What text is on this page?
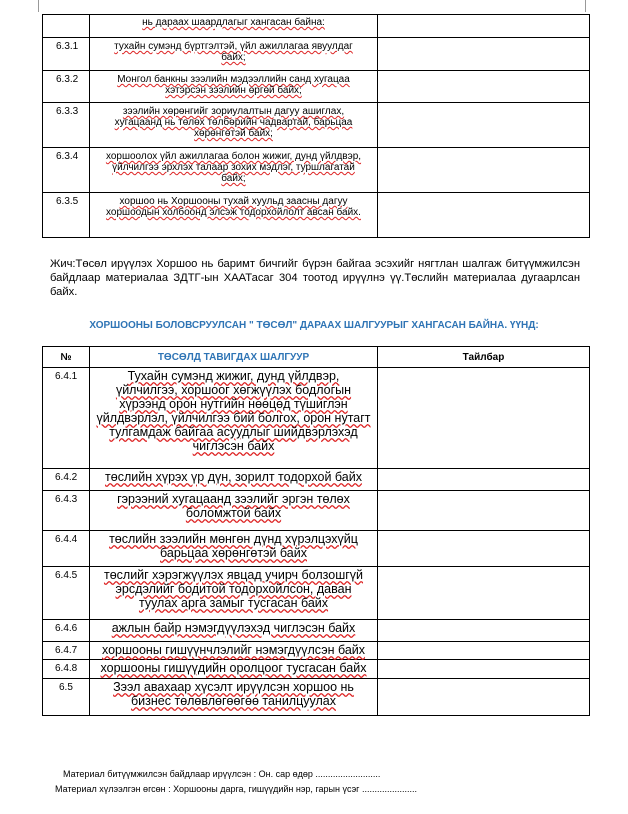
	нь дараах шаардлагыг хангасан байна:	
6.3.1	тухайн сумэнд бүртгэлтэй, үйл ажиллагаа явуулдаг байх;	
6.3.2	Монгол банкны зээлийн мэдээллийн санд хугацаа хэтэрсэн зээлийн өргөй байх;	
6.3.3	зээлийн хөрөнгийг зориулалтын дагуу ашиглах, хугацаанд нь төлөх төлбөрийн чадвартай, барьцаа хөрөнгөтэй байх;	
6.3.4	хоршоолох үйл ажиллагаа болон жижиг, дунд үйлдвэр, үйлчилгээ эрхлэх талаар зохих мэдлэг, туршлагатай байх;	
6.3.5	хоршоо нь Хоршооны тухай хуульд заасны дагуу хоршоодын холбоонд элсэж тодорхойлолт авсан байх.	
Жич:Төсөл ирүүлэх Хоршоо нь баримт бичгийг бүрэн байгаа эсэхийг нягтлан шалгаж битүүмжилсэн байдлаар материалаа ЗДТГ-ын ХААТасаг 304 тоотод ирүүлнэ үү.Төслийн материалаа дугаарлсан байх.
ХОРШООНЫ БОЛОВСРУУЛСАН " ТӨСӨЛ" ДАРААХ ШАЛГУУРЫГ ХАНГАСАН БАЙНА. ҮҮНД:
№	ТӨСӨЛД ТАВИГДАХ ШАЛГУУР	Тайлбар
6.4.1	Тухайн сумэнд жижиг, дунд үйлдвэр, үйлчилгээ, хоршоог хөгжүүлэх бодлогын хүрээнд орон нутгийн нөөцөд түшиглэн үйлдвэрлэл, үйлчилгээ бий болгох, орон нутагт тулгамдаж байгаа асуудлыг шийдвэрлэхэд чиглэсэн байх	
6.4.2	төслийн хүрэх үр дүн, зорилт тодорхой байх	
6.4.3	гэрээний хугацаанд зээлийг эргэн төлөх боломжтой байх	
6.4.4	төслийн зээлийн мөнгөн дүнд хүрэлцэхүйц барьцаа хөрөнгөтэй байх	
6.4.5	төслийг хэрэгжүүлэх явцад учирч болзошгүй эрсдэлийг бодитой тодорхойлсон, даван туулах арга замыг тусгасан байх	
6.4.6	ажлын байр нэмэгдүүлэхэд чиглэсэн байх	
6.4.7	хоршооны гишүүнчлэлийг нэмэгдүүлсэн байх	
6.4.8	хоршооны гишүүдийн оролцоог тусгасан байх	
6.5	Зээл авахаар хүсэлт ирүүлсэн хоршоо нь бизнес төлөвлөгөөгөө танилцуулах	
Материал битүүмжилсэн байдлаар ирүүлсэн : Он. сар өдөр ..........................
Материал хүлээлгэн өгсөн : Хоршооны дарга, гишүүдийн нэр, гарын үсэг ......................
